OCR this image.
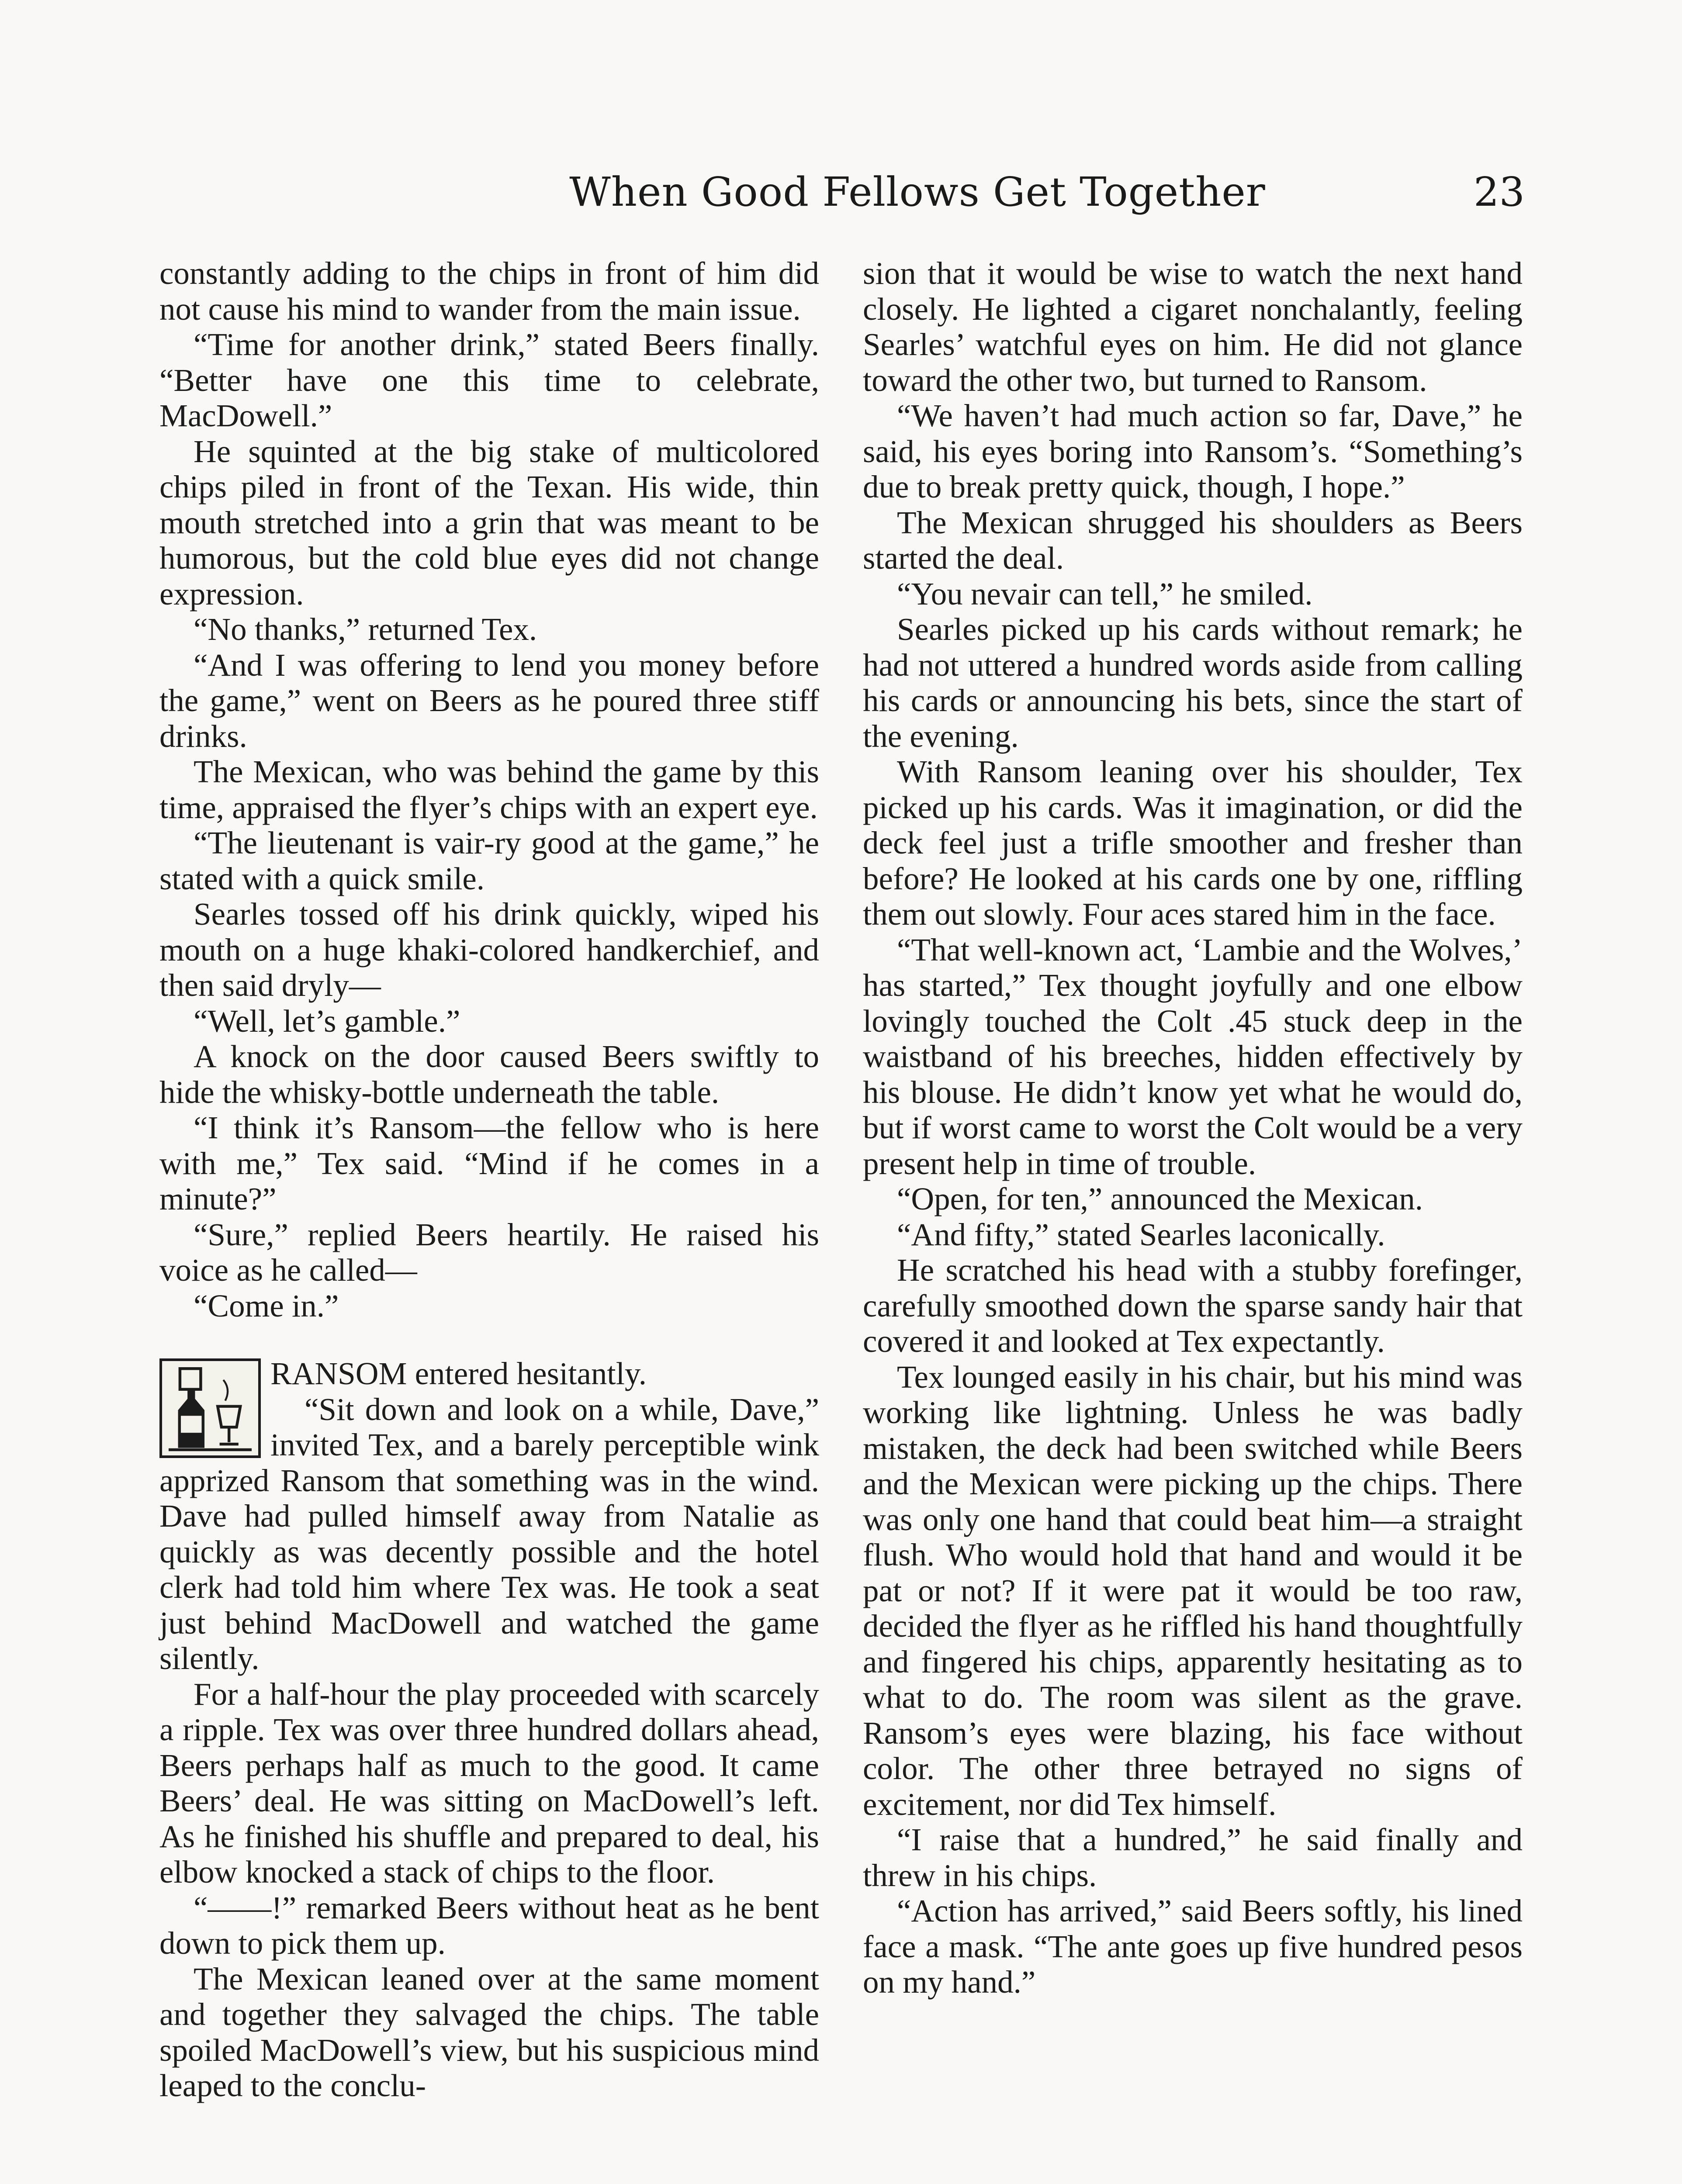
When Good Fellows Get Together	23

constantly adding to the chips in front of him did not cause his mind to wander from the main issue.

“Time for another drink,” stated Beers finally. “Better have one this time to celebrate, MacDowell.”

He squinted at the big stake of multicolored chips piled in front of the Texan. His wide, thin mouth stretched into a grin that was meant to be humorous, but the cold blue eyes did not change expression.

“No thanks,” returned Tex.

“And I was offering to lend you money before the game,” went on Beers as he poured three stiff drinks.

The Mexican, who was behind the game by this time, appraised the flyer’s chips with an expert eye.

“The lieutenant is vair-ry good at the game,” he stated with a quick smile.

Searles tossed off his drink quickly, wiped his mouth on a huge khaki-colored handkerchief, and then said dryly—

“Well, let’s gamble.”

A knock on the door caused Beers swiftly to hide the whisky-bottle underneath the table.

“I think it’s Ransom—the fellow who is here with me,” Tex said. “Mind if he comes in a minute?”

“Sure,” replied Beers heartily. He raised his voice as he called—

“Come in.”

RANSOM entered hesitantly.

“Sit down and look on a while, Dave,” invited Tex, and a barely perceptible wink apprized Ransom that something was in the wind. Dave had pulled himself away from Natalie as quickly as was decently possible and the hotel clerk had told him where Tex was. He took a seat just behind MacDowell and watched the game silently.

For a half-hour the play proceeded with scarcely a ripple. Tex was over three hundred dollars ahead, Beers perhaps half as much to the good. It came Beers’ deal. He was sitting on MacDowell’s left. As he finished his shuffle and prepared to deal, his elbow knocked a stack of chips to the floor.

“——!” remarked Beers without heat as he bent down to pick them up.

The Mexican leaned over at the same moment and together they salvaged the chips. The table spoiled MacDowell’s view, but his suspicious mind leaped to the conclu-

sion that it would be wise to watch the next hand closely. He lighted a cigaret nonchalantly, feeling Searles’ watchful eyes on him. He did not glance toward the other two, but turned to Ransom.

“We haven’t had much action so far, Dave,” he said, his eyes boring into Ransom’s. “Something’s due to break pretty quick, though, I hope.”

The Mexican shrugged his shoulders as Beers started the deal.

“You nevair can tell,” he smiled.

Searles picked up his cards without remark; he had not uttered a hundred words aside from calling his cards or announcing his bets, since the start of the evening.

With Ransom leaning over his shoulder, Tex picked up his cards. Was it imagination, or did the deck feel just a trifle smoother and fresher than before? He looked at his cards one by one, riffling them out slowly. Four aces stared him in the face.

“That well-known act, ‘Lambie and the Wolves,’ has started,” Tex thought joyfully and one elbow lovingly touched the Colt .45 stuck deep in the waistband of his breeches, hidden effectively by his blouse. He didn’t know yet what he would do, but if worst came to worst the Colt would be a very present help in time of trouble.

“Open, for ten,” announced the Mexican.

“And fifty,” stated Searles laconically.

He scratched his head with a stubby forefinger, carefully smoothed down the sparse sandy hair that covered it and looked at Tex expectantly.

Tex lounged easily in his chair, but his mind was working like lightning. Unless he was badly mistaken, the deck had been switched while Beers and the Mexican were picking up the chips. There was only one hand that could beat him—a straight flush. Who would hold that hand and would it be pat or not? If it were pat it would be too raw, decided the flyer as he riffled his hand thoughtfully and fingered his chips, apparently hesitating as to what to do. The room was silent as the grave. Ransom’s eyes were blazing, his face without color. The other three betrayed no signs of excitement, nor did Tex himself.

“I raise that a hundred,” he said finally and threw in his chips.

“Action has arrived,” said Beers softly, his lined face a mask. “The ante goes up five hundred pesos on my hand.”
